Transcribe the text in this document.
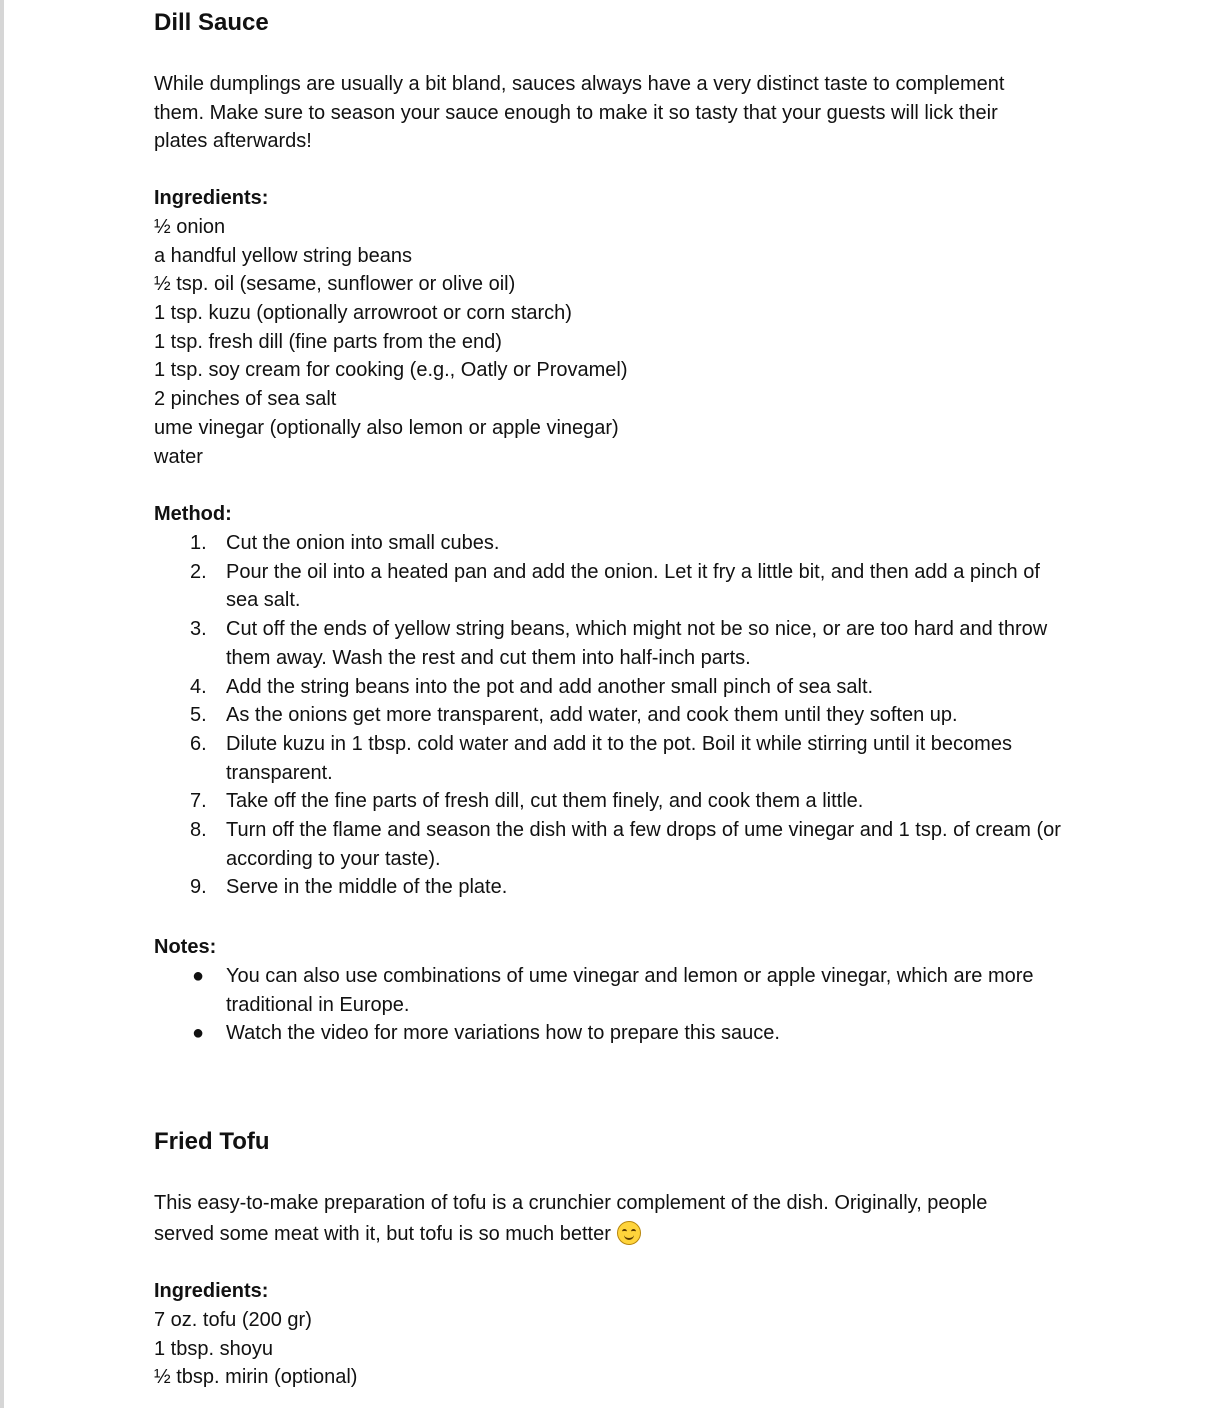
Dill Sauce
While dumplings are usually a bit bland, sauces always have a very distinct taste to complement them. Make sure to season your sauce enough to make it so tasty that your guests will lick their plates afterwards!
Ingredients:
½ onion
a handful yellow string beans
½ tsp. oil (sesame, sunflower or olive oil)
1 tsp. kuzu (optionally arrowroot or corn starch)
1 tsp. fresh dill (fine parts from the end)
1 tsp. soy cream for cooking (e.g., Oatly or Provamel)
2 pinches of sea salt
ume vinegar (optionally also lemon or apple vinegar)
water
Method:
1. Cut the onion into small cubes.
2. Pour the oil into a heated pan and add the onion. Let it fry a little bit, and then add a pinch of sea salt.
3. Cut off the ends of yellow string beans, which might not be so nice, or are too hard and throw them away. Wash the rest and cut them into half-inch parts.
4. Add the string beans into the pot and add another small pinch of sea salt.
5. As the onions get more transparent, add water, and cook them until they soften up.
6. Dilute kuzu in 1 tbsp. cold water and add it to the pot. Boil it while stirring until it becomes transparent.
7. Take off the fine parts of fresh dill, cut them finely, and cook them a little.
8. Turn off the flame and season the dish with a few drops of ume vinegar and 1 tsp. of cream (or according to your taste).
9. Serve in the middle of the plate.
Notes:
● You can also use combinations of ume vinegar and lemon or apple vinegar, which are more traditional in Europe.
● Watch the video for more variations how to prepare this sauce.
Fried Tofu
This easy-to-make preparation of tofu is a crunchier complement of the dish. Originally, people served some meat with it, but tofu is so much better
Ingredients:
7 oz. tofu (200 gr)
1 tbsp. shoyu
½ tbsp. mirin (optional)
